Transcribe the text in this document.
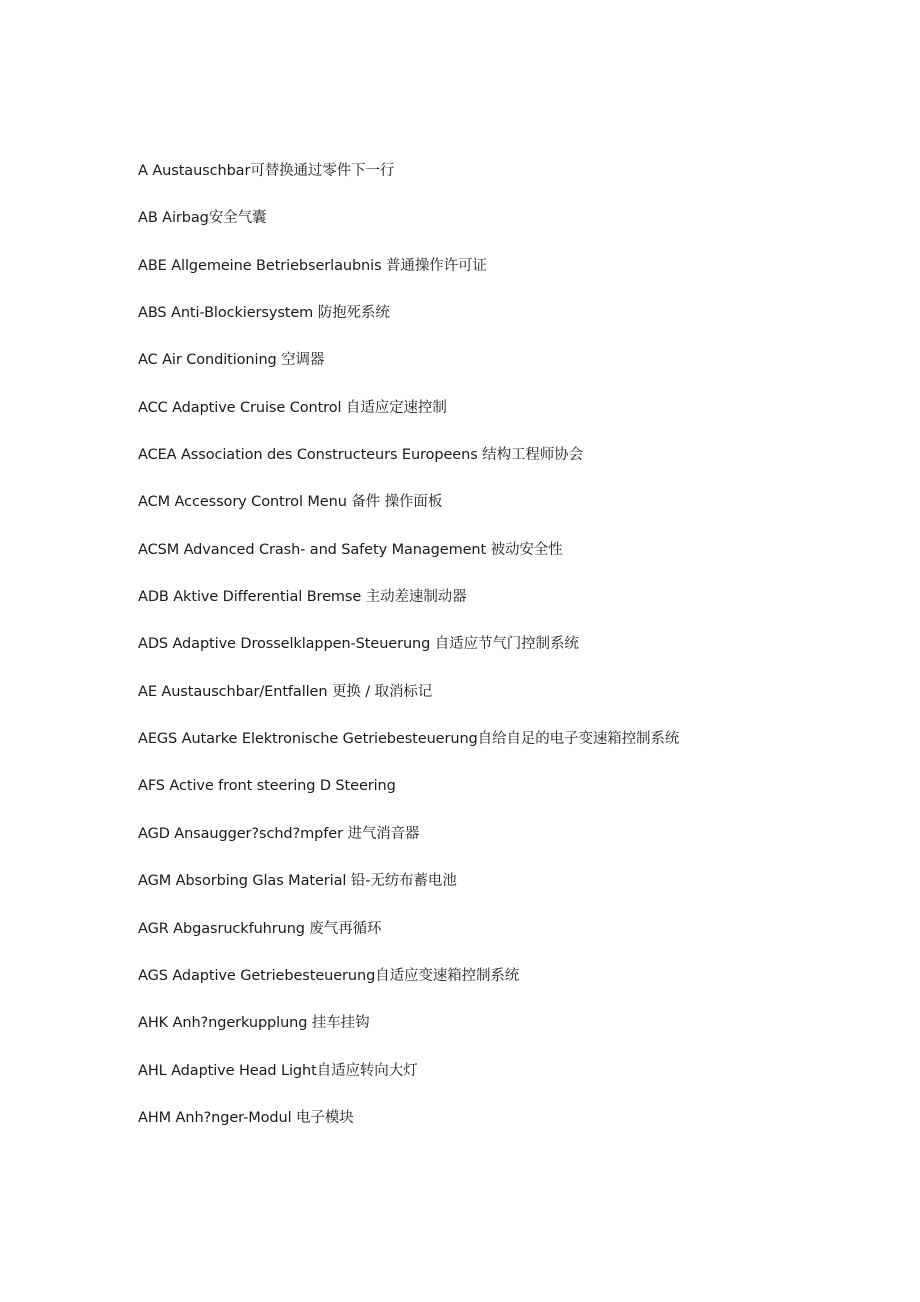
A Austauschbar可替换通过零件下一行
AB Airbag安全气囊
ABE Allgemeine Betriebserlaubnis 普通操作许可证
ABS Anti-Blockiersystem 防抱死系统
AC Air Conditioning 空调器
ACC Adaptive Cruise Control 自适应定速控制
ACEA Association des Constructeurs Europeens 结构工程师协会
ACM Accessory Control Menu 备件 操作面板
ACSM Advanced Crash- and Safety Management 被动安全性
ADB Aktive Differential Bremse 主动差速制动器
ADS Adaptive Drosselklappen-Steuerung 自适应节气门控制系统
AE Austauschbar/Entfallen 更换 / 取消标记
AEGS Autarke Elektronische Getriebesteuerung自给自足的电子变速箱控制系统
AFS Active front steering D Steering
AGD Ansaugger?schd?mpfer 进气消音器
AGM Absorbing Glas Material 铅-无纺布蓄电池
AGR Abgasruckfuhrung 废气再循环
AGS Adaptive Getriebesteuerung自适应变速箱控制系统
AHK Anh?ngerkupplung 挂车挂钩
AHL Adaptive Head Light自适应转向大灯
AHM Anh?nger-Modul 电子模块
